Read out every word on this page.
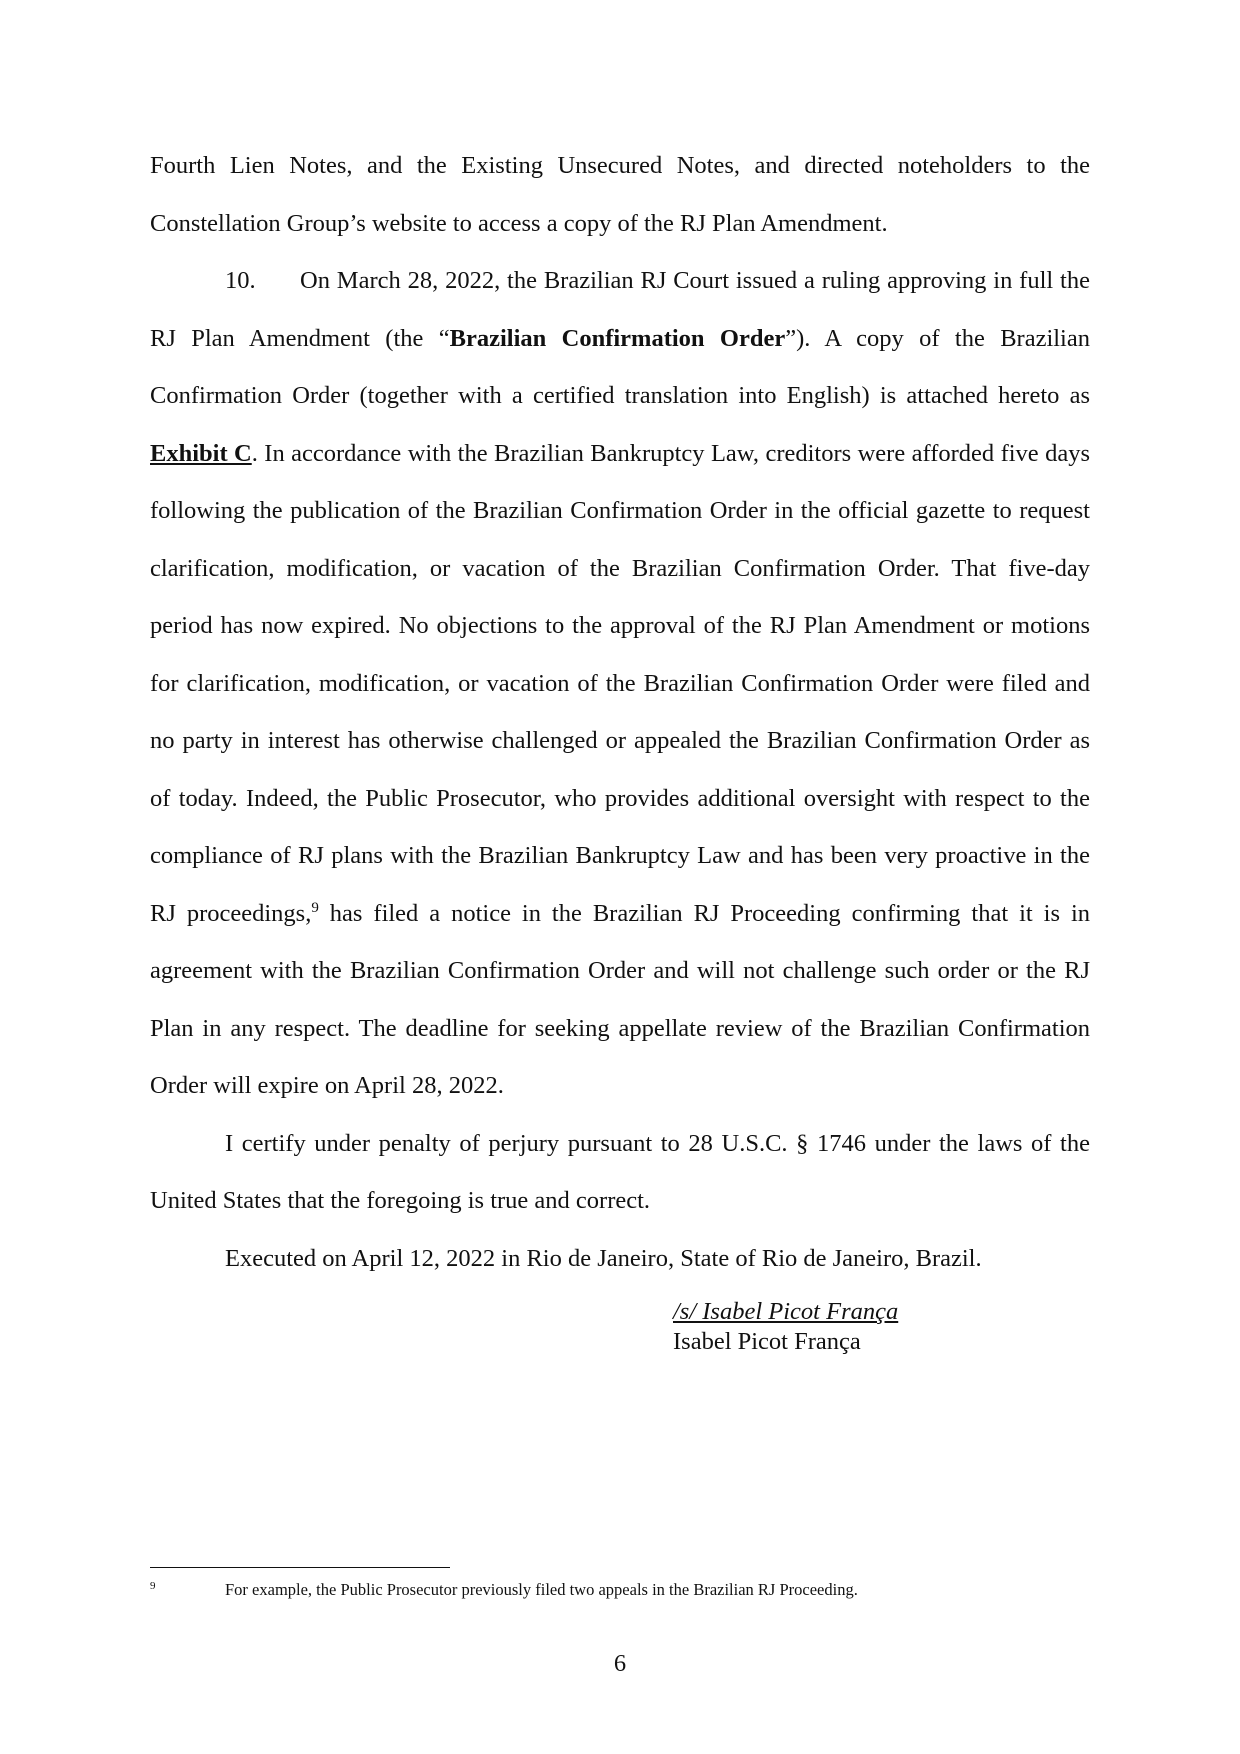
Fourth Lien Notes, and the Existing Unsecured Notes, and directed noteholders to the Constellation Group’s website to access a copy of the RJ Plan Amendment.

10. On March 28, 2022, the Brazilian RJ Court issued a ruling approving in full the RJ Plan Amendment (the “Brazilian Confirmation Order”). A copy of the Brazilian Confirmation Order (together with a certified translation into English) is attached hereto as Exhibit C. In accordance with the Brazilian Bankruptcy Law, creditors were afforded five days following the publication of the Brazilian Confirmation Order in the official gazette to request clarification, modification, or vacation of the Brazilian Confirmation Order. That five-day period has now expired. No objections to the approval of the RJ Plan Amendment or motions for clarification, modification, or vacation of the Brazilian Confirmation Order were filed and no party in interest has otherwise challenged or appealed the Brazilian Confirmation Order as of today. Indeed, the Public Prosecutor, who provides additional oversight with respect to the compliance of RJ plans with the Brazilian Bankruptcy Law and has been very proactive in the RJ proceedings,$^9$ has filed a notice in the Brazilian RJ Proceeding confirming that it is in agreement with the Brazilian Confirmation Order and will not challenge such order or the RJ Plan in any respect. The deadline for seeking appellate review of the Brazilian Confirmation Order will expire on April 28, 2022.

I certify under penalty of perjury pursuant to 28 U.S.C. § 1746 under the laws of the United States that the foregoing is true and correct.

Executed on April 12, 2022 in Rio de Janeiro, State of Rio de Janeiro, Brazil.

/s/ Isabel Picot França
Isabel Picot França
9	For example, the Public Prosecutor previously filed two appeals in the Brazilian RJ Proceeding.
6
